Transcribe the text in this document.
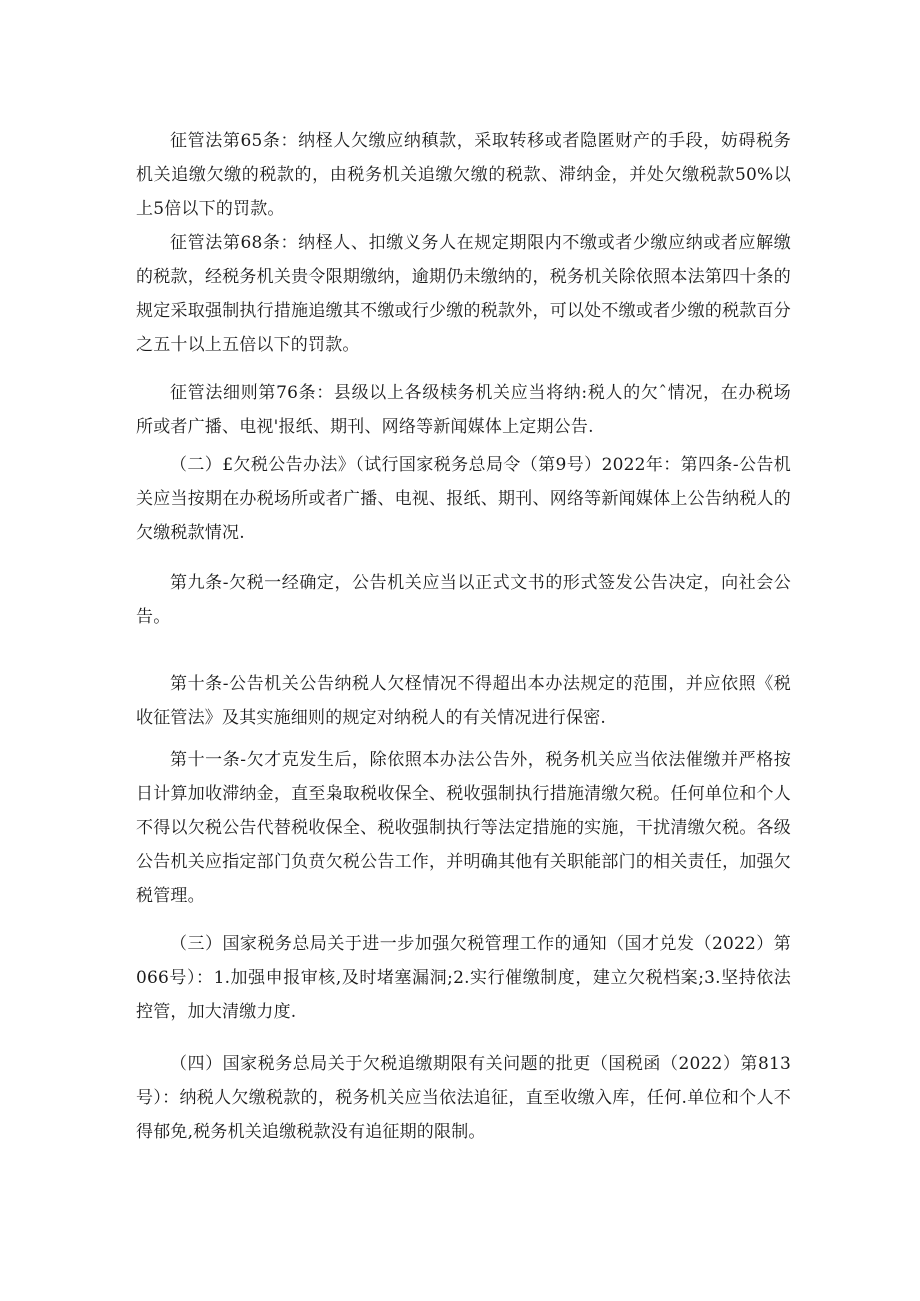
征管法第65条：纳柽人欠缴应纳稹款，采取转移或者隐匿财产的手段，妨碍税务机关追缴欠缴的税款的，由税务机关追缴欠缴的税款、滞纳金，并处欠缴税款50%以上5倍以下的罚款。

征管法第68条：纳柽人、扣缴义务人在规定期限内不缴或者少缴应纳或者应解缴的税款，经税务机关贵令限期缴纳，逾期仍未缴纳的，税务机关除依照本法第四十条的规定采取强制执行措施追缴其不缴或行少缴的税款外，可以处不缴或者少缴的税款百分之五十以上五倍以下的罚款。

征管法细则第76条：县级以上各级椟务机关应当将纳:税人的欠ˆ情况，在办税场所或者广播、电视'报纸、期刊、网络等新闻媒体上定期公告.

（二）£欠税公告办法》（试行国家税务总局令（第9号）2022年：第四条-公告机关应当按期在办税场所或者广播、电视、报纸、期刊、网络等新闻媒体上公告纳税人的欠缴税款情况.

第九条-欠税一经确定，公告机关应当以正式文书的形式签发公告决定，向社会公告。

第十条-公告机关公告纳税人欠柽情况不得超出本办法规定的范围，并应依照《税收征管法》及其实施细则的规定对纳税人的有关情况进行保密.

第十一条-欠才克发生后，除依照本办法公告外，税务机关应当依法催缴并严格按日计算加收滞纳金，直至枭取税收保全、税收强制执行措施清缴欠税。任何单位和个人不得以欠税公告代替税收保全、税收强制执行等法定措施的实施，干扰清缴欠税。各级公告机关应指定部门负贲欠税公告工作，并明确其他有关职能部门的相关责任，加强欠税管理。

（三）国家税务总局关于进一步加强欠税管理工作的通知（国才兑发（2022）第066号）：1.加强申报审核,及时堵塞漏洞;2.实行催缴制度，建立欠税档案;3.坚持依法控管，加大清缴力度.

（四）国家税务总局关于欠税追缴期限有关问题的批更（国税函（2022）第813号）：纳税人欠缴税款的，税务机关应当依法追征，直至收缴入库，任何.单位和个人不得郁免,税务机关追缴税款没有追征期的限制。
